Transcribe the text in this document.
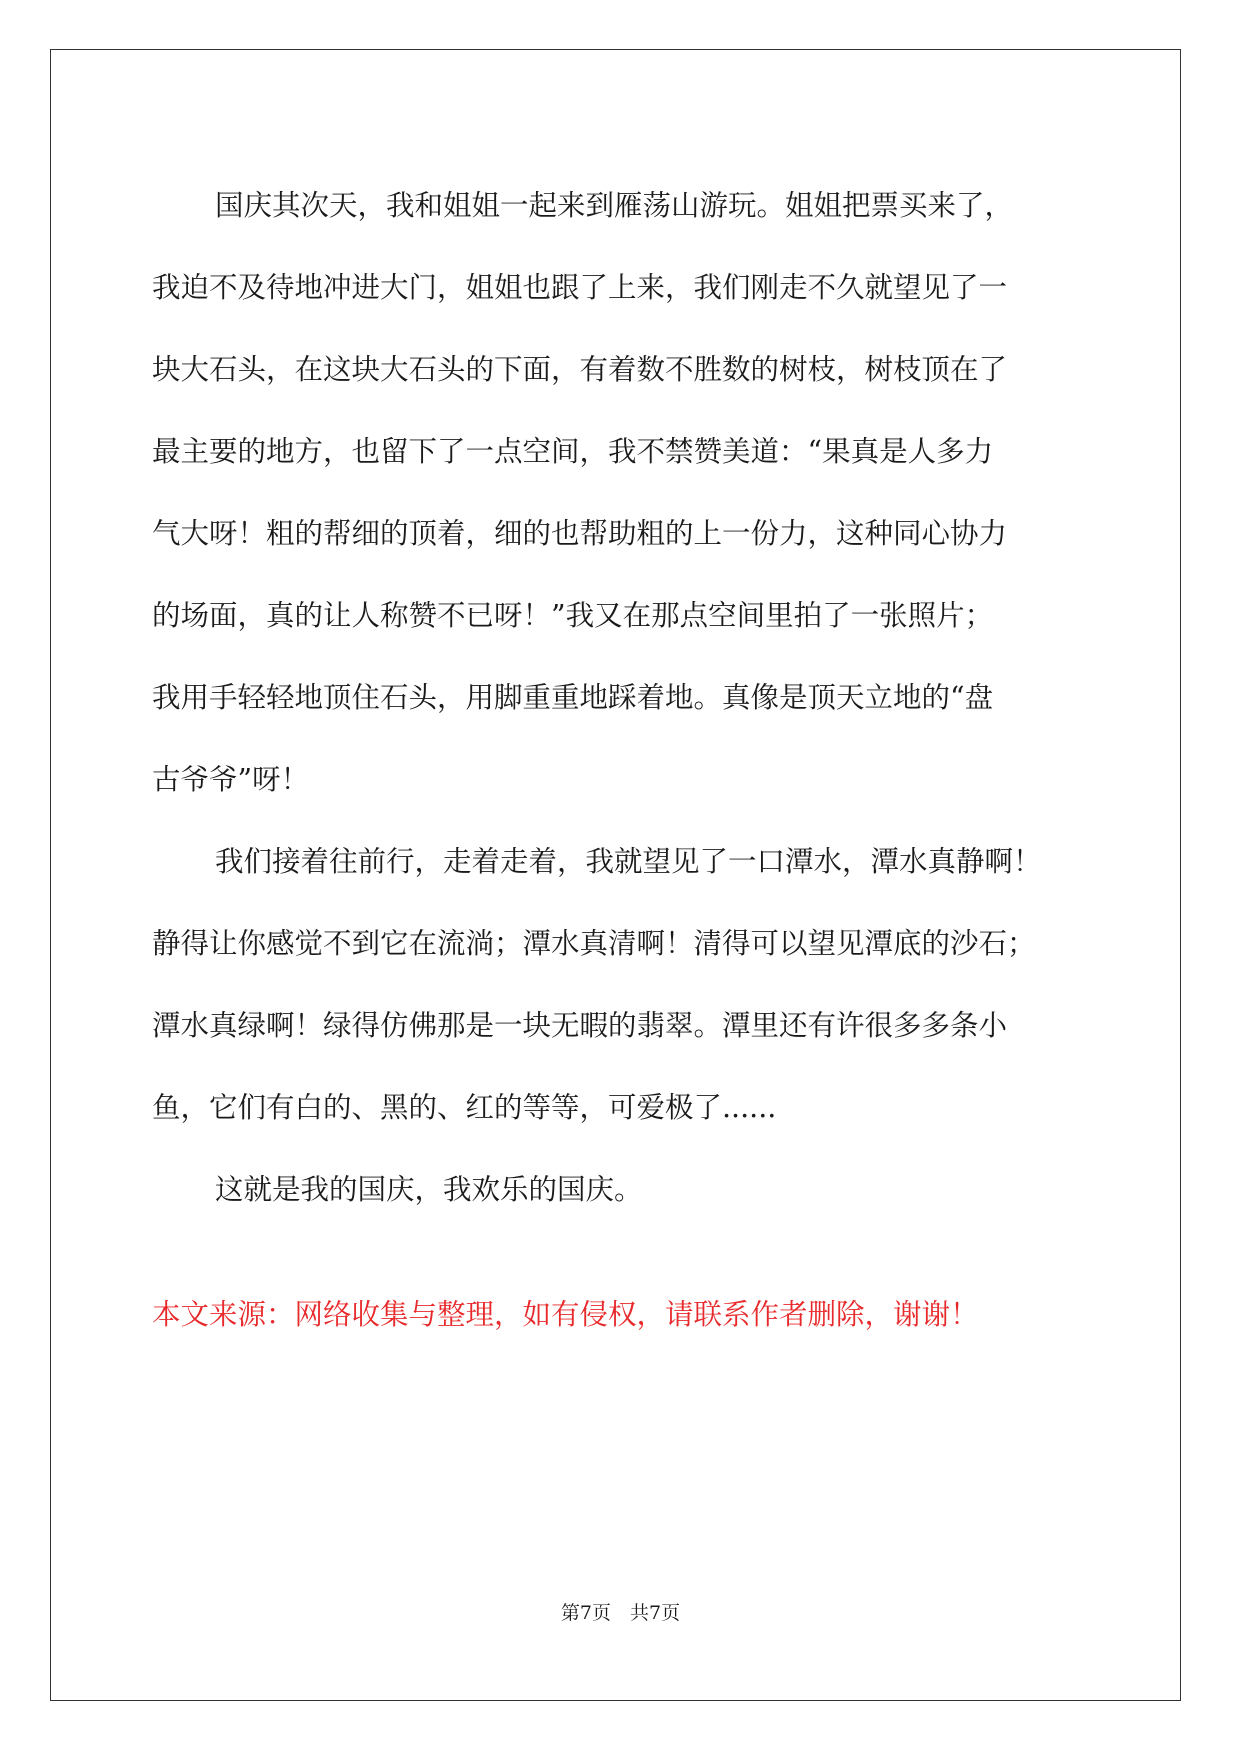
国庆其次天，我和姐姐一起来到雁荡山游玩。姐姐把票买来了，
我迫不及待地冲进大门，姐姐也跟了上来，我们刚走不久就望见了一
块大石头，在这块大石头的下面，有着数不胜数的树枝，树枝顶在了
最主要的地方，也留下了一点空间，我不禁赞美道：“果真是人多力
气大呀！粗的帮细的顶着，细的也帮助粗的上一份力，这种同心协力
的场面，真的让人称赞不已呀！”我又在那点空间里拍了一张照片；
我用手轻轻地顶住石头，用脚重重地踩着地。真像是顶天立地的“盘
古爷爷”呀！

我们接着往前行，走着走着，我就望见了一口潭水，潭水真静啊！
静得让你感觉不到它在流淌；潭水真清啊！清得可以望见潭底的沙石；
潭水真绿啊！绿得仿佛那是一块无暇的翡翠。潭里还有许很多多条小
鱼，它们有白的、黑的、红的等等，可爱极了......

这就是我的国庆，我欢乐的国庆。

本文来源：网络收集与整理，如有侵权，请联系作者删除，谢谢！
第7页　共7页
